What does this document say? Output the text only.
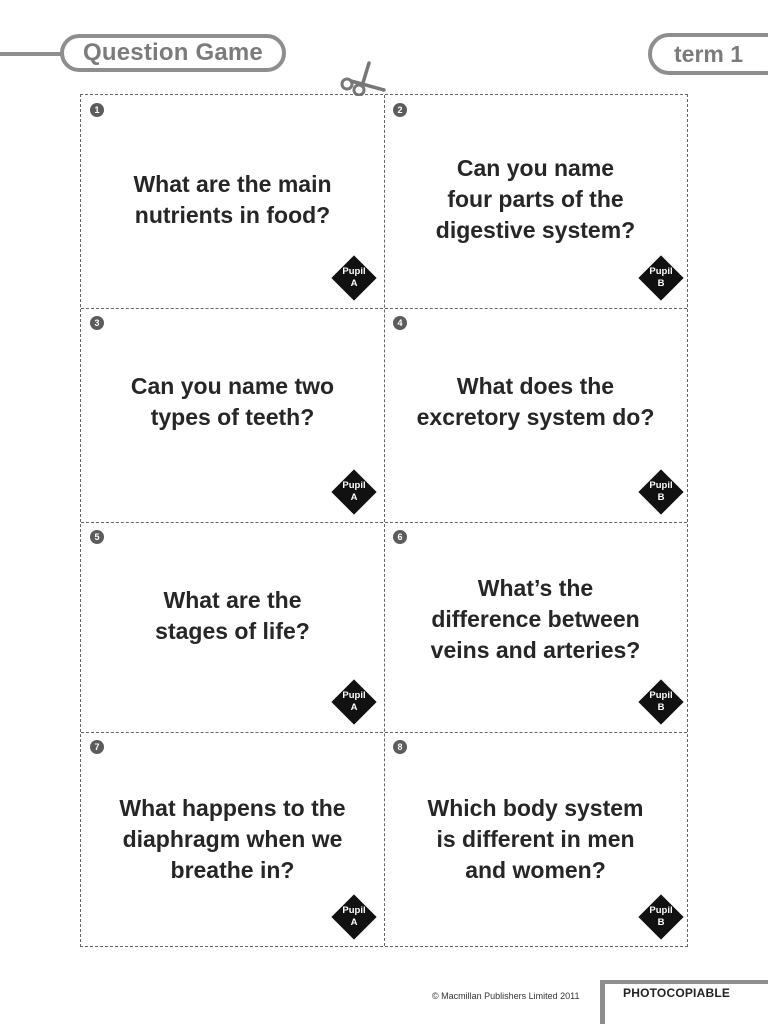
Question Game	term 1
1
What are the main
nutrients in food?
Pupil
A
2
Can you name
four parts of the
digestive system?
Pupil
B
3
Can you name two
types of teeth?
Pupil
A
4
What does the
excretory system do?
Pupil
B
5
What are the
stages of life?
Pupil
A
6
What’s the
difference between
veins and arteries?
Pupil
B
7
What happens to the
diaphragm when we
breathe in?
Pupil
A
8
Which body system
is different in men
and women?
Pupil
B
© Macmillan Publishers Limited 2011	PHOTOCOPIABLE
